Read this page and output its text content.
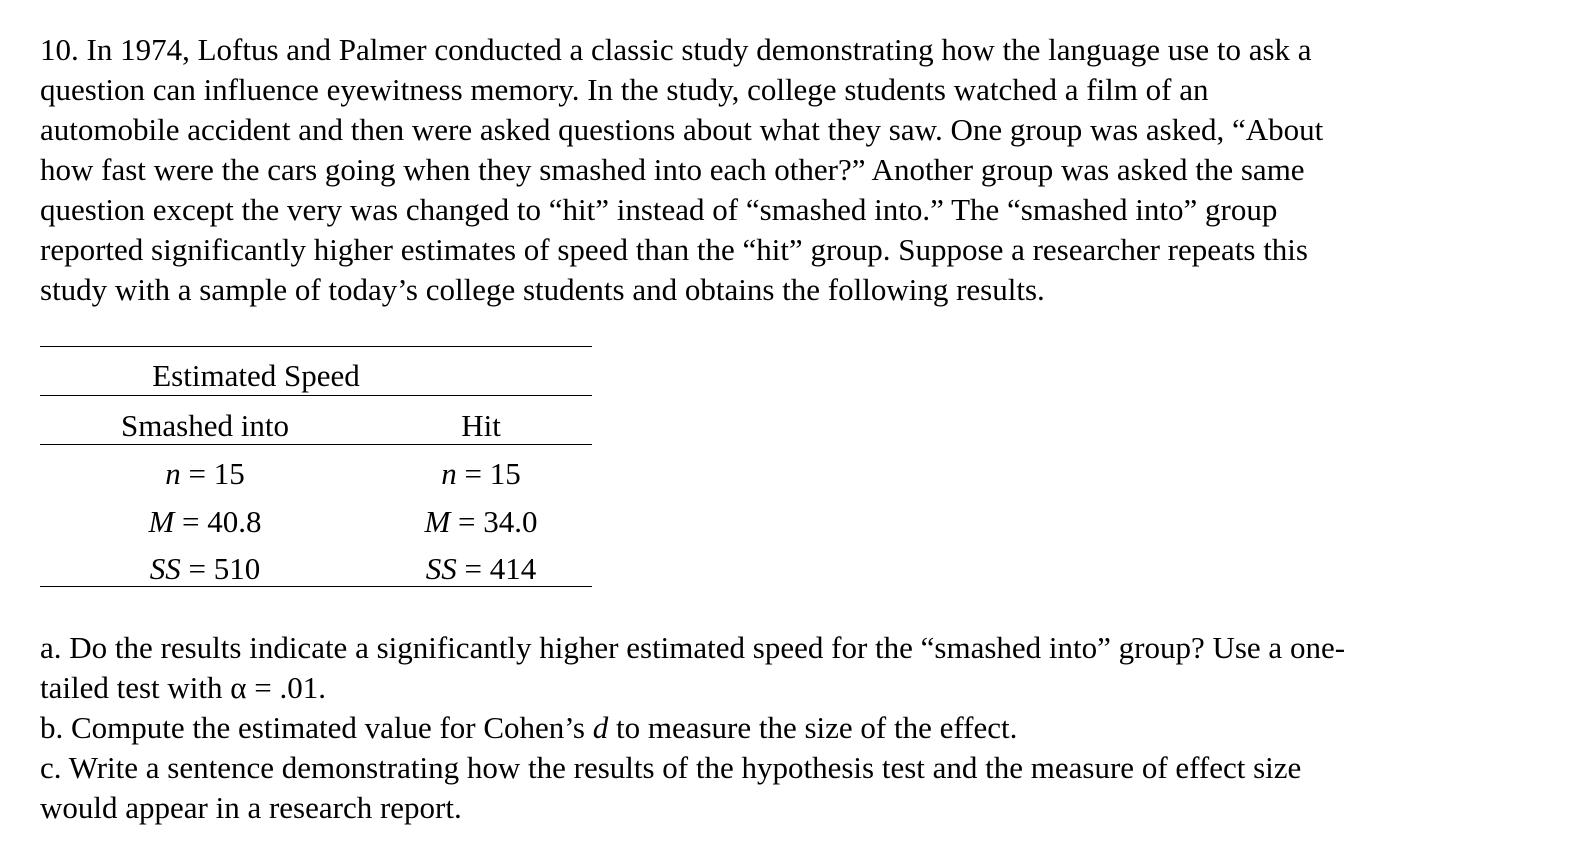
10. In 1974, Loftus and Palmer conducted a classic study demonstrating how the language use to ask a
question can influence eyewitness memory. In the study, college students watched a film of an
automobile accident and then were asked questions about what they saw. One group was asked, “About
how fast were the cars going when they smashed into each other?” Another group was asked the same
question except the very was changed to “hit” instead of “smashed into.” The “smashed into” group
reported significantly higher estimates of speed than the “hit” group. Suppose a researcher repeats this
study with a sample of today’s college students and obtains the following results.
Estimated Speed
Smashed into	Hit
n = 15	n = 15
M = 40.8	M = 34.0
SS = 510	SS = 414
a. Do the results indicate a significantly higher estimated speed for the “smashed into” group? Use a one-
tailed test with α = .01.
b. Compute the estimated value for Cohen’s d to measure the size of the effect.
c. Write a sentence demonstrating how the results of the hypothesis test and the measure of effect size
would appear in a research report.
